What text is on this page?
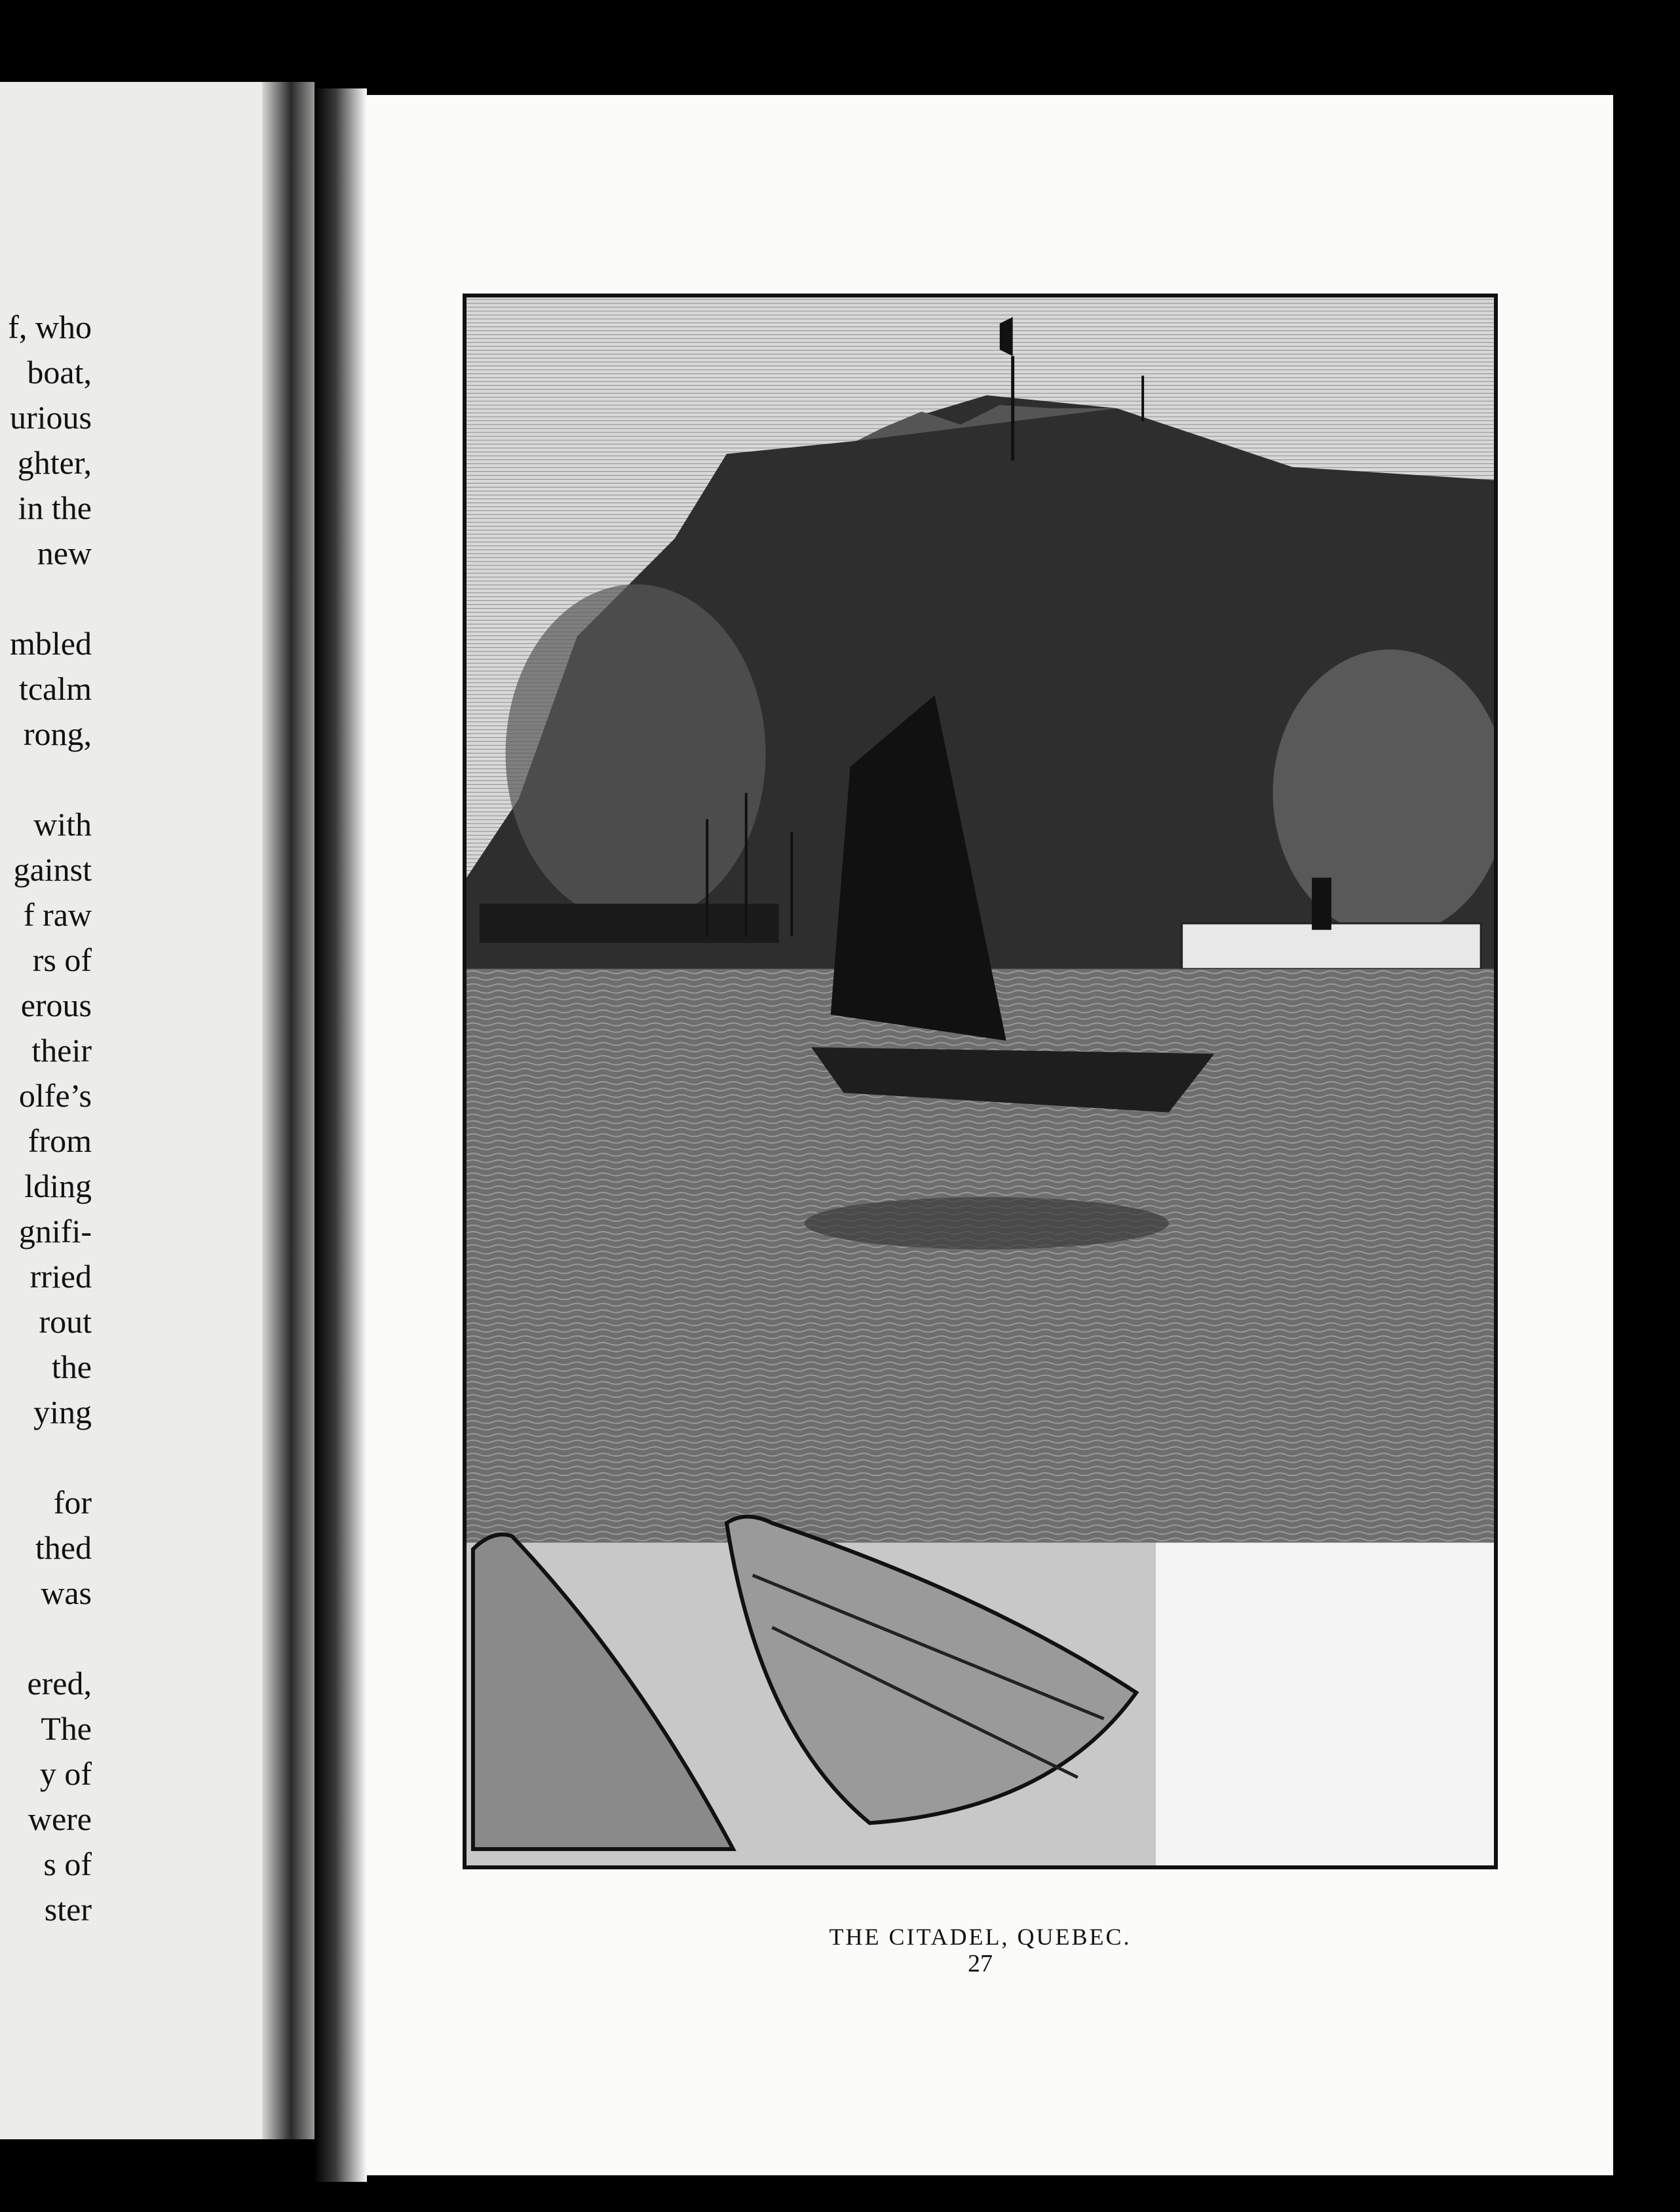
f, who
boat,
urious
ghter,
in the
new
mbled
tcalm
rong,
with
gainst
f raw
rs of
erous
their
olfe’s
from
lding
gnifi-
rried
rout
the
ying
for
thed
was
ered,
The
y of
were
s of
ster
THE CITADEL, QUEBEC.
27
